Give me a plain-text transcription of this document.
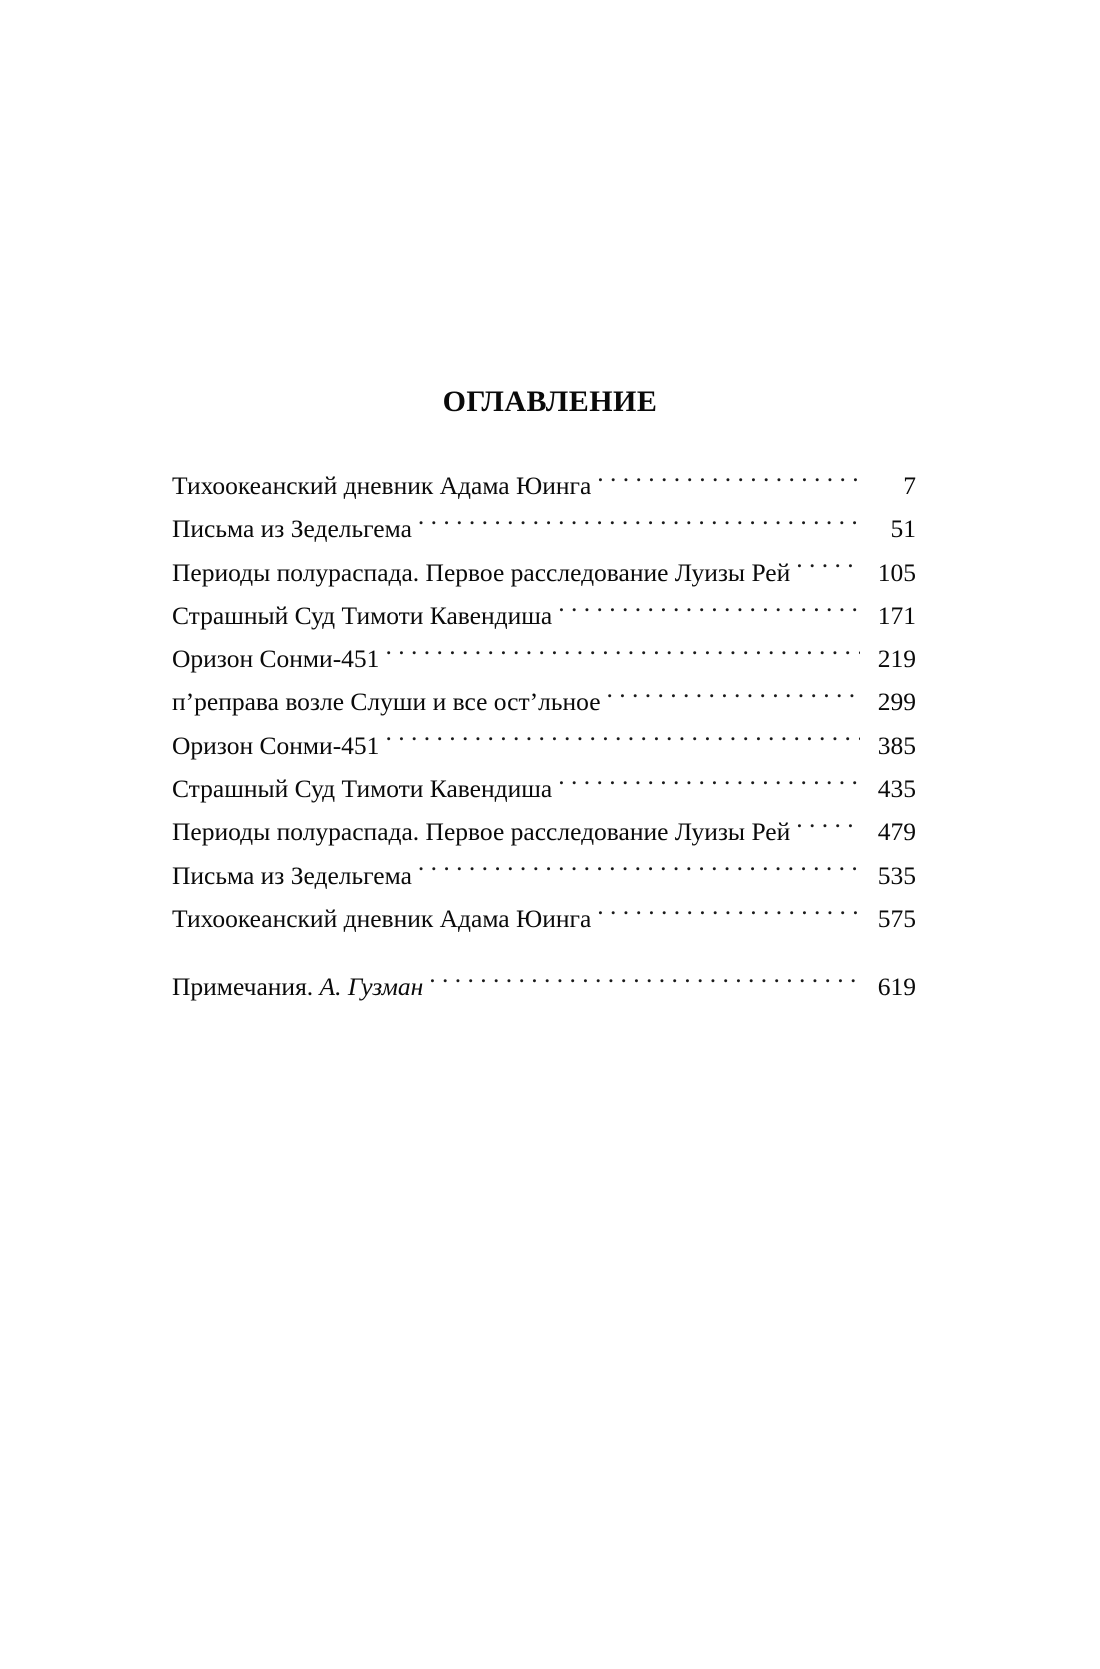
ОГЛАВЛЕНИЕ
Тихоокеанский дневник Адама Юинга . . .	7
Письма из Зедельгема . . .	51
Периоды полураспада. Первое расследование Луизы Рей . . .	105
Страшный Суд Тимоти Кавендиша . . .	171
Оризон Сонми-451 . . .	219
п’реправа возле Слуши и все ост’льное . . .	299
Оризон Сонми-451 . . .	385
Страшный Суд Тимоти Кавендиша . . .	435
Периоды полураспада. Первое расследование Луизы Рей . . .	479
Письма из Зедельгема . . .	535
Тихоокеанский дневник Адама Юинга . . .	575
Примечания. А. Гузман . . .	619
